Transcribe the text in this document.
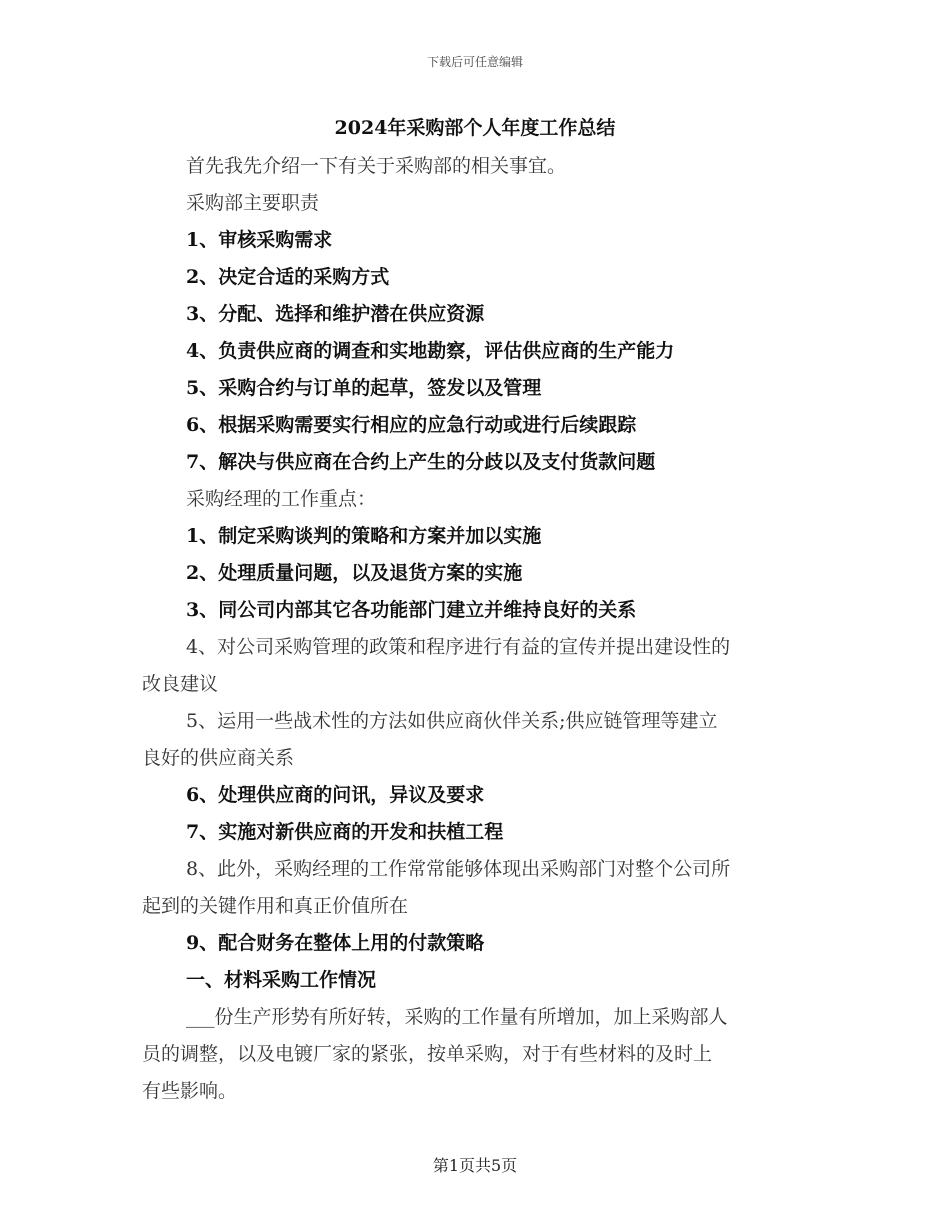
下载后可任意编辑
2024年采购部个人年度工作总结
首先我先介绍一下有关于采购部的相关事宜。
采购部主要职责
1、审核采购需求
2、决定合适的采购方式
3、分配、选择和维护潜在供应资源
4、负责供应商的调查和实地勘察，评估供应商的生产能力
5、采购合约与订单的起草，签发以及管理
6、根据采购需要实行相应的应急行动或进行后续跟踪
7、解决与供应商在合约上产生的分歧以及支付货款问题
采购经理的工作重点：
1、制定采购谈判的策略和方案并加以实施
2、处理质量问题，以及退货方案的实施
3、同公司内部其它各功能部门建立并维持良好的关系
4、对公司采购管理的政策和程序进行有益的宣传并提出建设性的
改良建议
5、运用一些战术性的方法如供应商伙伴关系;供应链管理等建立
良好的供应商关系
6、处理供应商的问讯，异议及要求
7、实施对新供应商的开发和扶植工程
8、此外，采购经理的工作常常能够体现出采购部门对整个公司所
起到的关键作用和真正价值所在
9、配合财务在整体上用的付款策略
一、材料采购工作情况
___份生产形势有所好转，采购的工作量有所增加，加上采购部人
员的调整，以及电镀厂家的紧张，按单采购，对于有些材料的及时上
有些影响。
第1页共5页
